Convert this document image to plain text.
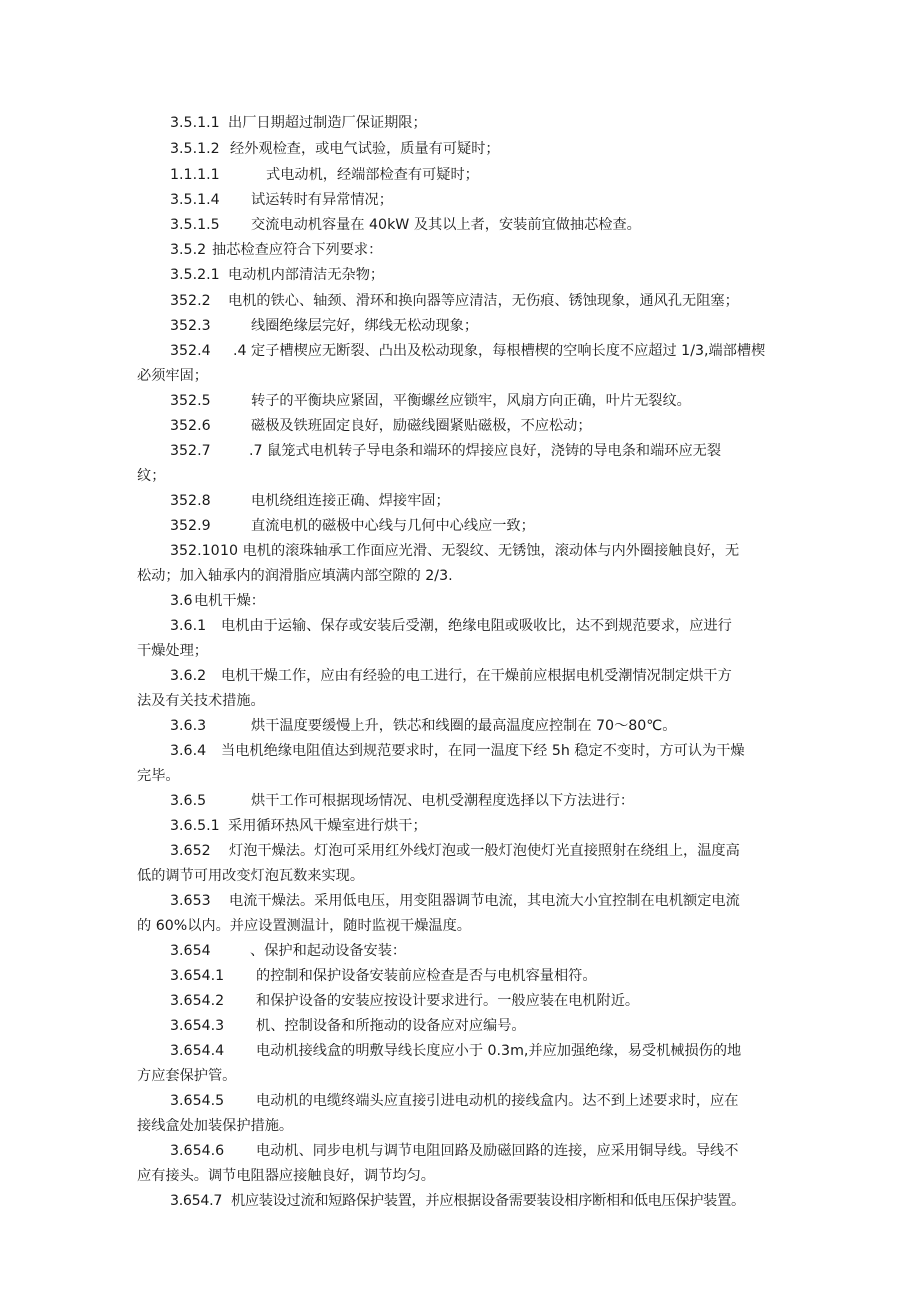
3.5.1.1 出厂日期超过制造厂保证期限；
3.5.1.2 经外观检查，或电气试验，质量有可疑时；
1.1.1.1	式电动机，经端部检查有可疑时；
3.5.1.4 试运转时有异常情况；
3.5.1.5 交流电动机容量在 40kW 及其以上者，安装前宜做抽芯检查。
3.5.2 抽芯检查应符合下列要求：
3.5.2.1 电动机内部清洁无杂物；
352.2 电机的铁心、轴颈、滑环和换向器等应清洁，无伤痕、锈蚀现象，通风孔无阻塞；
352.3	线圈绝缘层完好，绑线无松动现象；
352.4 .4 定子槽楔应无断裂、凸出及松动现象，每根槽楔的空响长度不应超过 1/3,端部槽楔
必须牢固；
352.5	转子的平衡块应紧固，平衡螺丝应锁牢，风扇方向正确，叶片无裂纹。
352.6	磁极及铁班固定良好，励磁线圈紧贴磁极，不应松动；
352.7	.7 鼠笼式电机转子导电条和端环的焊接应良好，浇铸的导电条和端环应无裂
纹；
352.8	电机绕组连接正确、焊接牢固；
352.9	直流电机的磁极中心线与几何中心线应一致；
352.10 10 电机的滚珠轴承工作面应光滑、无裂纹、无锈蚀，滚动体与内外圈接触良好，无
松动；加入轴承内的润滑脂应填满内部空隙的 2/3.
3.6 电机干燥：
3.6.1 电机由于运输、保存或安装后受潮，绝缘电阻或吸收比，达不到规范要求，应进行
干燥处理；
3.6.2 电机干燥工作，应由有经验的电工进行，在干燥前应根据电机受潮情况制定烘干方
法及有关技术措施。
3.6.3	烘干温度要缓慢上升，铁芯和线圈的最高温度应控制在 70～80℃。
3.6.4 当电机绝缘电阻值达到规范要求时，在同一温度下经 5h 稳定不变时，方可认为干燥
完毕。
3.6.5	烘干工作可根据现场情况、电机受潮程度选择以下方法进行：
3.6.5.1 采用循环热风干燥室进行烘干；
3.652 灯泡干燥法。灯泡可采用红外线灯泡或一般灯泡使灯光直接照射在绕组上，温度高
低的调节可用改变灯泡瓦数来实现。
3.653 电流干燥法。采用低电压，用变阻器调节电流，其电流大小宜控制在电机额定电流
的 60%以内。并应设置测温计，随时监视干燥温度。
3.654	、保护和起动设备安装：
3.654.1 的控制和保护设备安装前应检查是否与电机容量相符。
3.654.2 和保护设备的安装应按设计要求进行。一般应装在电机附近。
3.654.3 机、控制设备和所拖动的设备应对应编号。
3.654.4 电动机接线盒的明敷导线长度应小于 0.3m,并应加强绝缘，易受机械损伤的地
方应套保护管。
3.654.5 电动机的电缆终端头应直接引进电动机的接线盒内。达不到上述要求时，应在
接线盒处加装保护措施。
3.654.6 电动机、同步电机与调节电阻回路及励磁回路的连接，应采用铜导线。导线不
应有接头。调节电阻器应接触良好，调节均匀。
3.654.7 机应装设过流和短路保护装置，并应根据设备需要装设相序断相和低电压保护装置。
